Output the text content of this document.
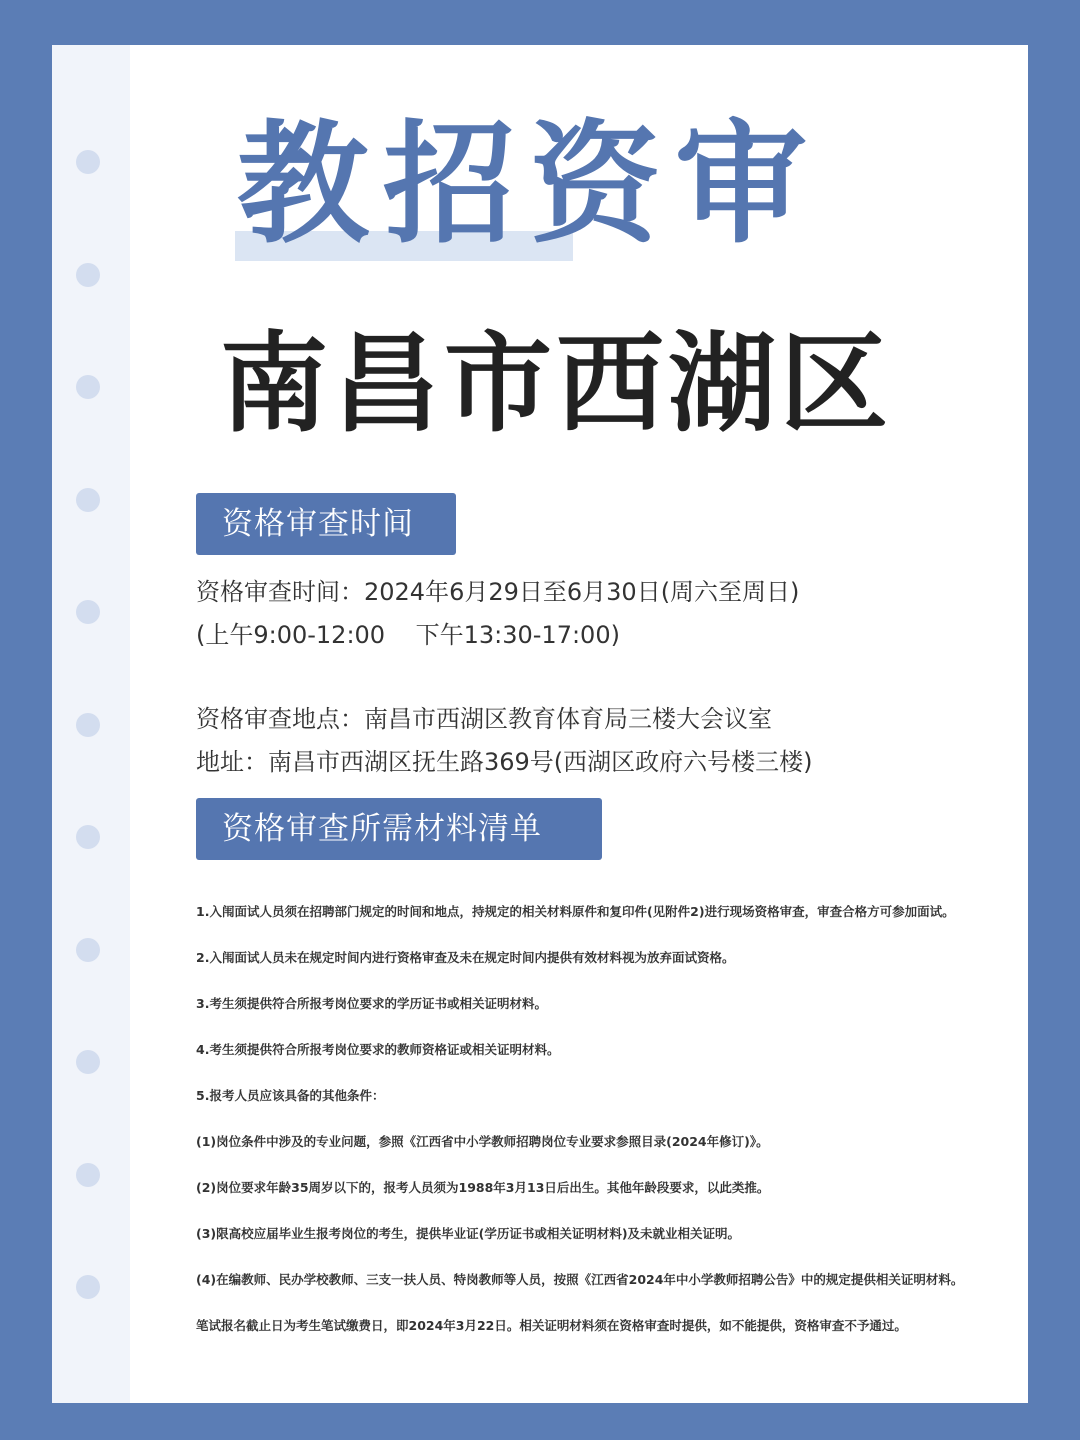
教招资审
南昌市西湖区
资格审查时间
资格审查时间：2024年6月29日至6月30日(周六至周日)
(上午9:00-12:00    下午13:30-17:00)
资格审查地点：南昌市西湖区教育体育局三楼大会议室
地址：南昌市西湖区抚生路369号(西湖区政府六号楼三楼)
资格审查所需材料清单

1.入闱面试人员须在招聘部门规定的时间和地点，持规定的相关材料原件和复印件(见附件2)进行现场资格审查，审查合格方可参加面试。

2.入闱面试人员未在规定时间内进行资格审查及未在规定时间内提供有效材料视为放弃面试资格。

3.考生须提供符合所报考岗位要求的学历证书或相关证明材料。

4.考生须提供符合所报考岗位要求的教师资格证或相关证明材料。

5.报考人员应该具备的其他条件：

(1)岗位条件中涉及的专业问题，参照《江西省中小学教师招聘岗位专业要求参照目录(2024年修订)》。

(2)岗位要求年龄35周岁以下的，报考人员须为1988年3月13日后出生。其他年龄段要求，以此类推。

(3)限高校应届毕业生报考岗位的考生，提供毕业证(学历证书或相关证明材料)及未就业相关证明。

(4)在编教师、民办学校教师、三支一扶人员、特岗教师等人员，按照《江西省2024年中小学教师招聘公告》中的规定提供相关证明材料。

笔试报名截止日为考生笔试缴费日，即2024年3月22日。相关证明材料须在资格审查时提供，如不能提供，资格审查不予通过。
